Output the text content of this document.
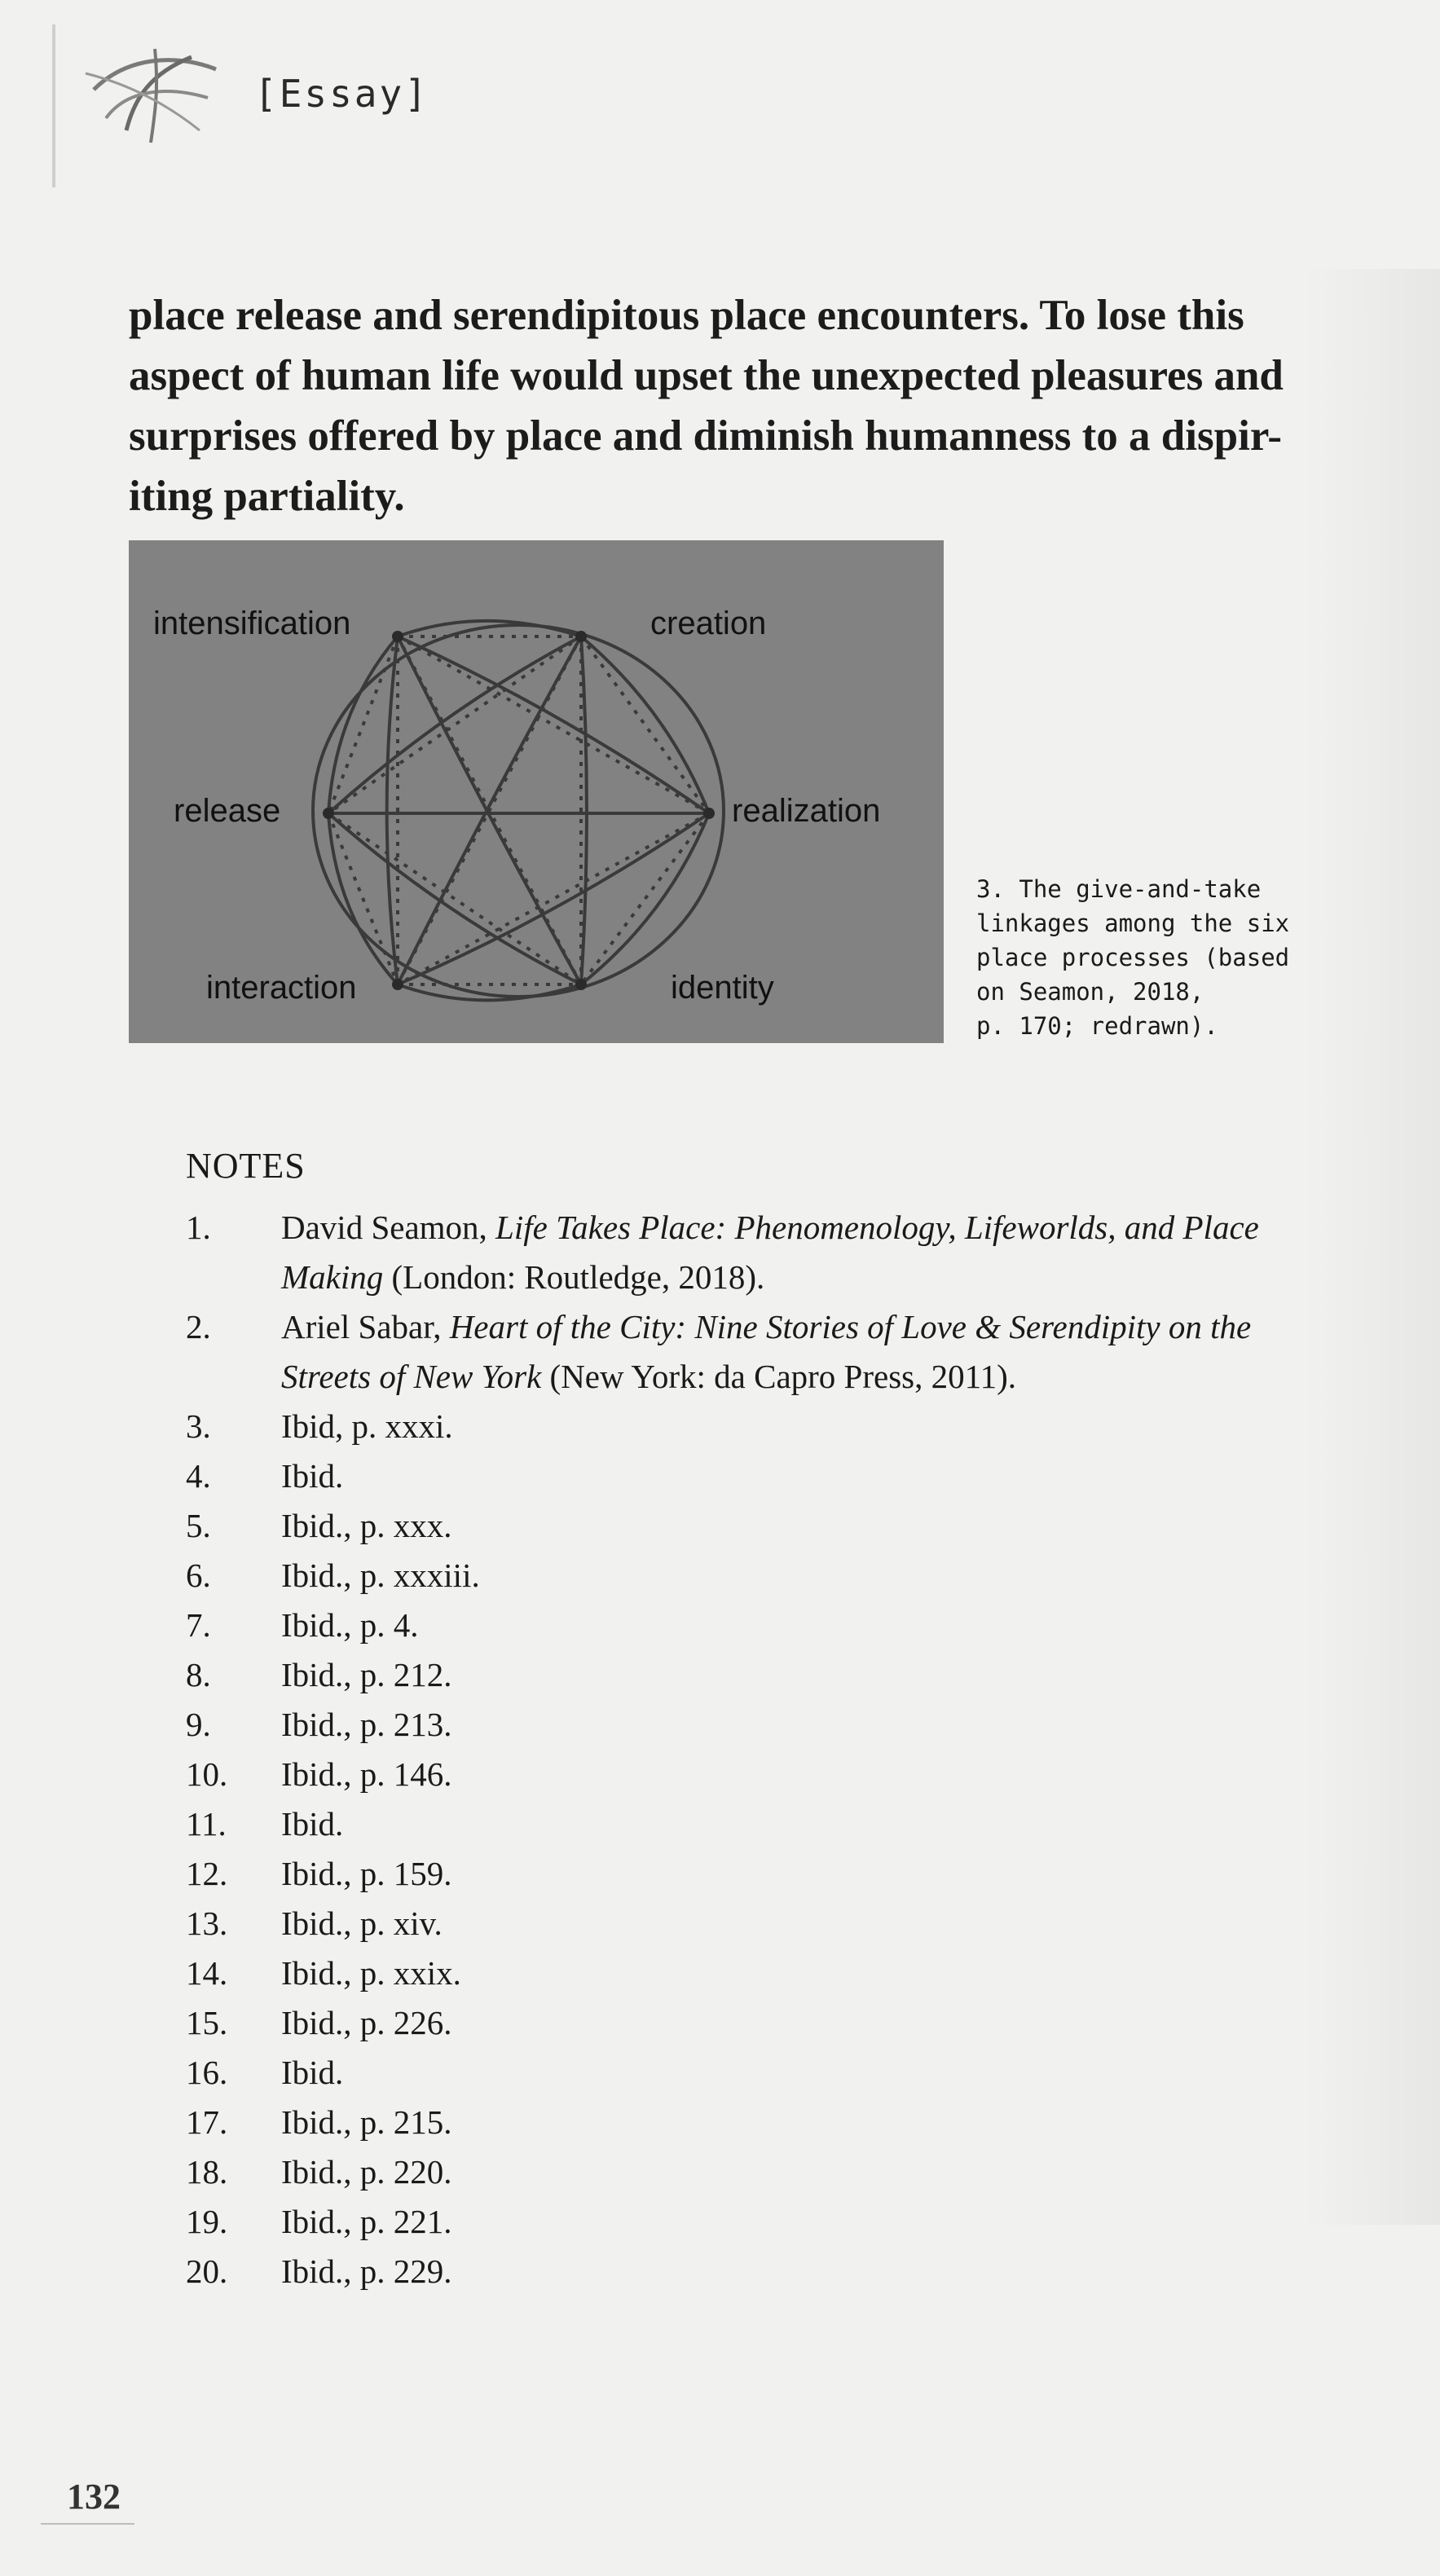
[Essay]
place release and serendipitous place encounters. To lose this
aspect of human life would upset the unexpected pleasures and
surprises offered by place and diminish humanness to a dispir-
iting partiality.
intensification	creation
release	realization
interaction	identity
3. The give-and-take
linkages among the six
place processes (based
on Seamon, 2018,
p. 170; redrawn).
NOTES
1. David Seamon, Life Takes Place: Phenomenology, Lifeworlds, and Place Making (London: Routledge, 2018).
2. Ariel Sabar, Heart of the City: Nine Stories of Love & Serendipity on the Streets of New York (New York: da Capro Press, 2011).
3. Ibid, p. xxxi.
4. Ibid.
5. Ibid., p. xxx.
6. Ibid., p. xxxiii.
7. Ibid., p. 4.
8. Ibid., p. 212.
9. Ibid., p. 213.
10. Ibid., p. 146.
11. Ibid.
12. Ibid., p. 159.
13. Ibid., p. xiv.
14. Ibid., p. xxix.
15. Ibid., p. 226.
16. Ibid.
17. Ibid., p. 215.
18. Ibid., p. 220.
19. Ibid., p. 221.
20. Ibid., p. 229.
132
